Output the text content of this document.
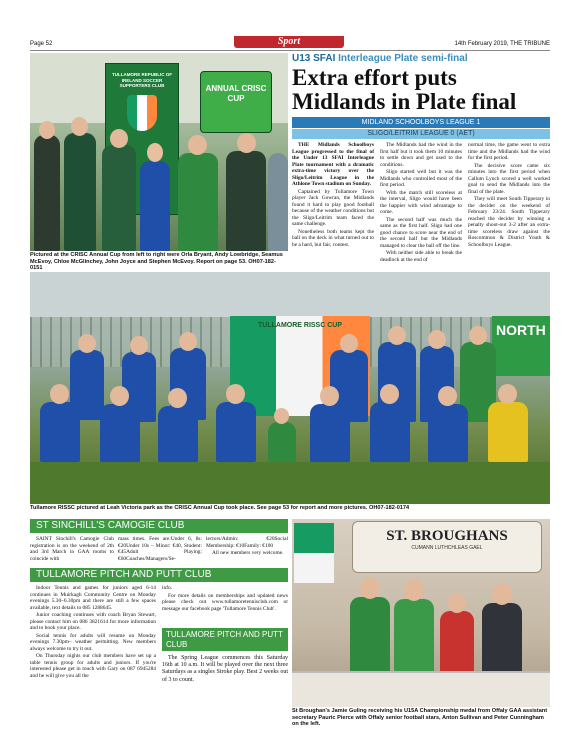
Page 52	14th February 2019, THE TRIBUNE
Sport
TULLAMORE REPUBLIC OF IRELAND SOCCER SUPPORTERS CLUB	ANNUAL CRISC CUP
Pictured at the CRISC Annual Cup from left to right were Orla Bryant, Andy Lowbridge, Seamus McEvoy, Chloe McGlinchey, John Joyce and Stephen McEvoy. Report on page 53. OH07-182-0151
U13 SFAI Interleague Plate semi-final
Extra effort puts
Midlands in Plate final
MIDLAND SCHOOLBOYS LEAGUE 1
SLIGO/LEITRIM LEAGUE 0 (AET)

THE Midlands Schoolboys League progressed to the final of the Under 13 SFAI Interleague Plate tournament with a dramatic extra-time victory over the Sligo/Leitrim League in the Athlone Town stadium on Sunday.

Captained by Tullamore Town player Jack Gowran, the Midlands found it hard to play good football because of the weather conditions but the Sligo/Leitrim team faced the same challenge.

Nonetheless both teams kept the ball on the deck in what turned out to be a hard, but fair, contest.

The Midlands had the wind in the first half but it took them 10 minutes to settle down and get used to the conditions.

Sligo started well but it was the Midlands who controlled most of the first period.

With the match still scoreless at the interval, Sligo would have been the happier with wind advantage to come.

The second half was much the same as the first half. Sligo had one good chance to score near the end of the second half but the Midlands managed to clear the ball off the line.

With neither side able to break the deadlock at the end of

normal time, the game went to extra time and the Midlands had the wind for the first period.

The decisive score came six minutes into the first period when Callum Lynch scored a well worked goal to send the Midlands into the final of the plate.

They will meet South Tipperary in the decider on the weekend of February 23/24. South Tipperary reached the decider by winning a penalty shoot-out 3-2 after an extra-time scoreless draw against the Roscommon & District Youth & Schoolboys League.

TULLAMORE RISSC CUP	NORTH
Tullamore RISSC pictured at Leah Victoria park as the CRISC Annual Cup took place. See page 53 for report and more pictures. OH07-182-0174
ST SINCHILL'S CAMOGIE CLUB

SAINT Sinchill's Camogie Club registration is on the weekend of 2th and 3rd March in GAA rooms to coincide with

mass times. Fees are:Under 6, 8s: €20Under 10s – Minor: €40, Student: €45Adult Playing: €60Coaches/Managers/Se-

lectors/Admin: €20Social Membership: €10Family: €100

All new members very welcome.

TULLAMORE PITCH AND PUTT CLUB

Indoor Tennis and games for juniors aged 6-14 continues in Muirkagh Community Centre on Monday evenings 5.30–6.30pm and there are still a few spaces available, text details to 085 1288645.

Junior coaching continues with coach Bryan Stewart, please contact him on 086 3821614 for more information and to book your place.

Social tennis for adults will resume on Monday evenings 7.30pm– weather permitting. New members always welcome to try it out.

On Thursday nights our club members have set up a table tennis group for adults and juniors. If you're interested please get in touch with Gary on 087 6945284 and he will give you all the

info.

For more details on memberships and updated news please check out www.tullamoretennisclub.com or message our facebook page 'Tullamore Tennis Club'.

TULLAMORE PITCH AND PUTT CLUB

The Spring League commences this Saturday 16th at 10 a.m. It will be played over the next three Saturdays as a singles Stroke play. Best 2 weeks out of 3 to count.

ST. BROUGHANS
CUMANN LUTHCHLEAS GAEL
St Broughan's Jamie Guling receiving his U15A Championship medal from Offaly GAA assistant secretary Pauric Pierce with Offaly senior football stars, Anton Sullivan and Peter Cunningham on the left.
